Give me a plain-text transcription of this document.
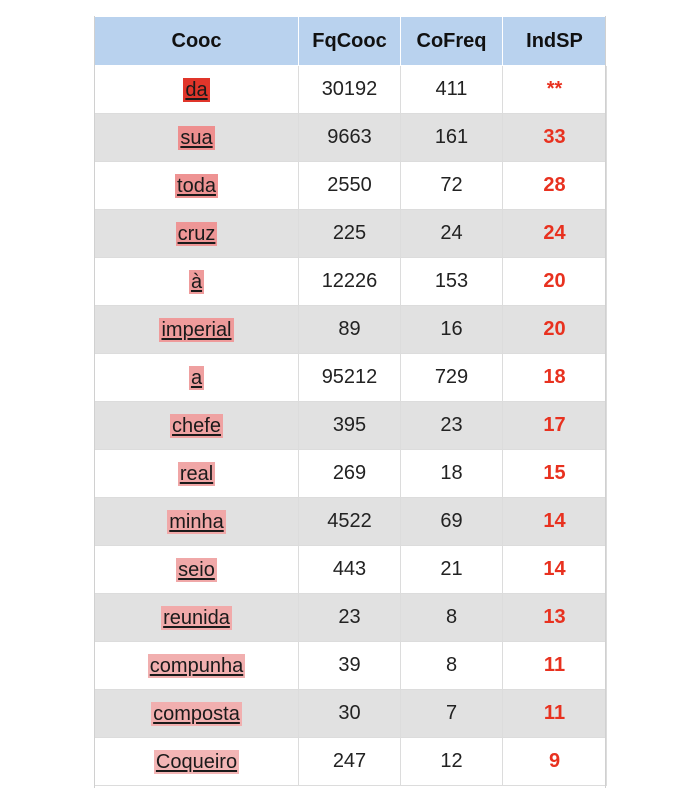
Cooc	FqCooc	CoFreq	IndSP
da	30192	411	**
sua	9663	161	33
toda	2550	72	28
cruz	225	24	24
à	12226	153	20
imperial	89	16	20
a	95212	729	18
chefe	395	23	17
real	269	18	15
minha	4522	69	14
seio	443	21	14
reunida	23	8	13
compunha	39	8	11
composta	30	7	11
Coqueiro	247	12	9
